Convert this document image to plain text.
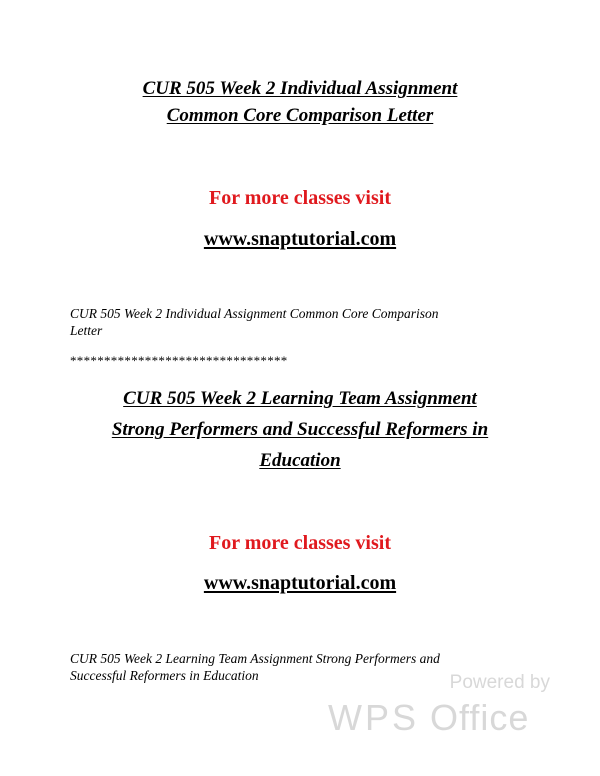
CUR 505 Week 2 Individual Assignment
Common Core Comparison Letter
For more classes visit
www.snaptutorial.com
CUR 505 Week 2 Individual Assignment Common Core Comparison
Letter
********************************
CUR 505 Week 2 Learning Team Assignment
Strong Performers and Successful Reformers in
Education
For more classes visit
www.snaptutorial.com
CUR 505 Week 2 Learning Team Assignment Strong Performers and
Successful Reformers in Education	Powered by
WPS Office
